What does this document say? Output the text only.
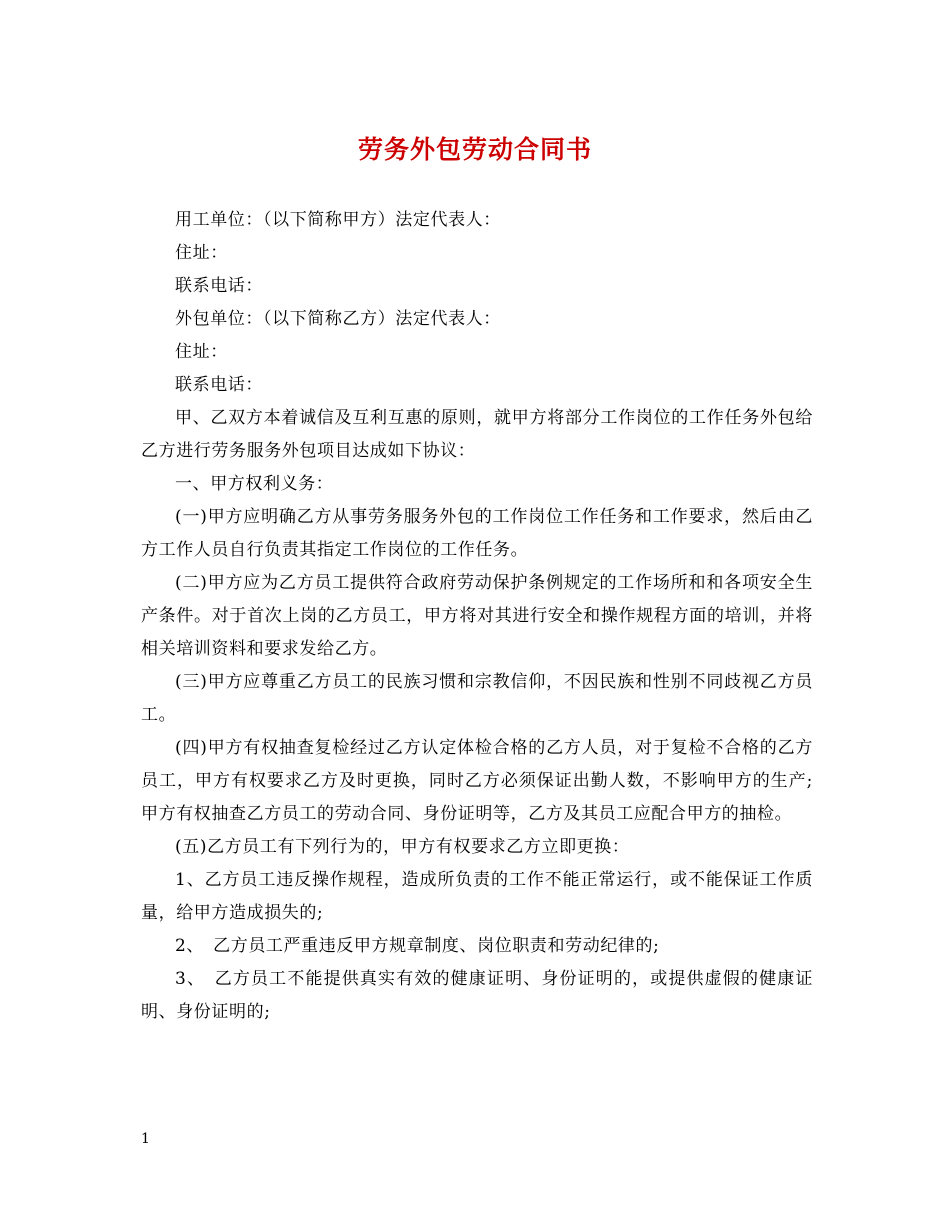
劳务外包劳动合同书

用工单位：（以下简称甲方）法定代表人：

住址：

联系电话：

外包单位：（以下简称乙方）法定代表人：

住址：

联系电话：

甲、乙双方本着诚信及互利互惠的原则，就甲方将部分工作岗位的工作任务外包给乙方进行劳务服务外包项目达成如下协议：

一、甲方权利义务：

(一)甲方应明确乙方从事劳务服务外包的工作岗位工作任务和工作要求，然后由乙方工作人员自行负责其指定工作岗位的工作任务。

(二)甲方应为乙方员工提供符合政府劳动保护条例规定的工作场所和和各项安全生产条件。对于首次上岗的乙方员工，甲方将对其进行安全和操作规程方面的培训，并将相关培训资料和要求发给乙方。

(三)甲方应尊重乙方员工的民族习惯和宗教信仰，不因民族和性别不同歧视乙方员工。

(四)甲方有权抽查复检经过乙方认定体检合格的乙方人员，对于复检不合格的乙方员工，甲方有权要求乙方及时更换，同时乙方必须保证出勤人数，不影响甲方的生产;甲方有权抽查乙方员工的劳动合同、身份证明等，乙方及其员工应配合甲方的抽检。

(五)乙方员工有下列行为的，甲方有权要求乙方立即更换：

1、乙方员工违反操作规程，造成所负责的工作不能正常运行，或不能保证工作质量，给甲方造成损失的;

2、　乙方员工严重违反甲方规章制度、岗位职责和劳动纪律的;

3、　乙方员工不能提供真实有效的健康证明、身份证明的，或提供虚假的健康证明、身份证明的;

1
